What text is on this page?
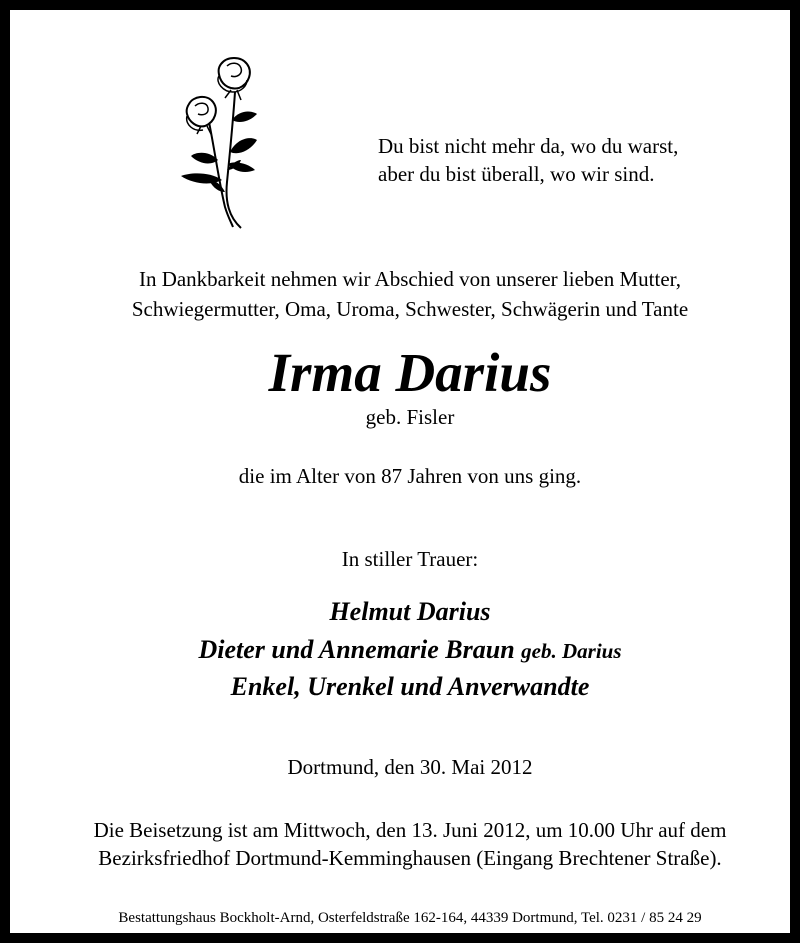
Du bist nicht mehr da, wo du warst,
aber du bist überall, wo wir sind.
In Dankbarkeit nehmen wir Abschied von unserer lieben Mutter,
Schwiegermutter, Oma, Uroma, Schwester, Schwägerin und Tante
Irma Darius
geb. Fisler
die im Alter von 87 Jahren von uns ging.
In stiller Trauer:
Helmut Darius
Dieter und Annemarie Braun geb. Darius
Enkel, Urenkel und Anverwandte
Dortmund, den 30. Mai 2012
Die Beisetzung ist am Mittwoch, den 13. Juni 2012, um 10.00 Uhr auf dem
Bezirksfriedhof Dortmund-Kemminghausen (Eingang Brechtener Straße).
Bestattungshaus Bockholt-Arnd, Osterfeldstraße 162-164, 44339 Dortmund, Tel. 0231 / 85 24 29
